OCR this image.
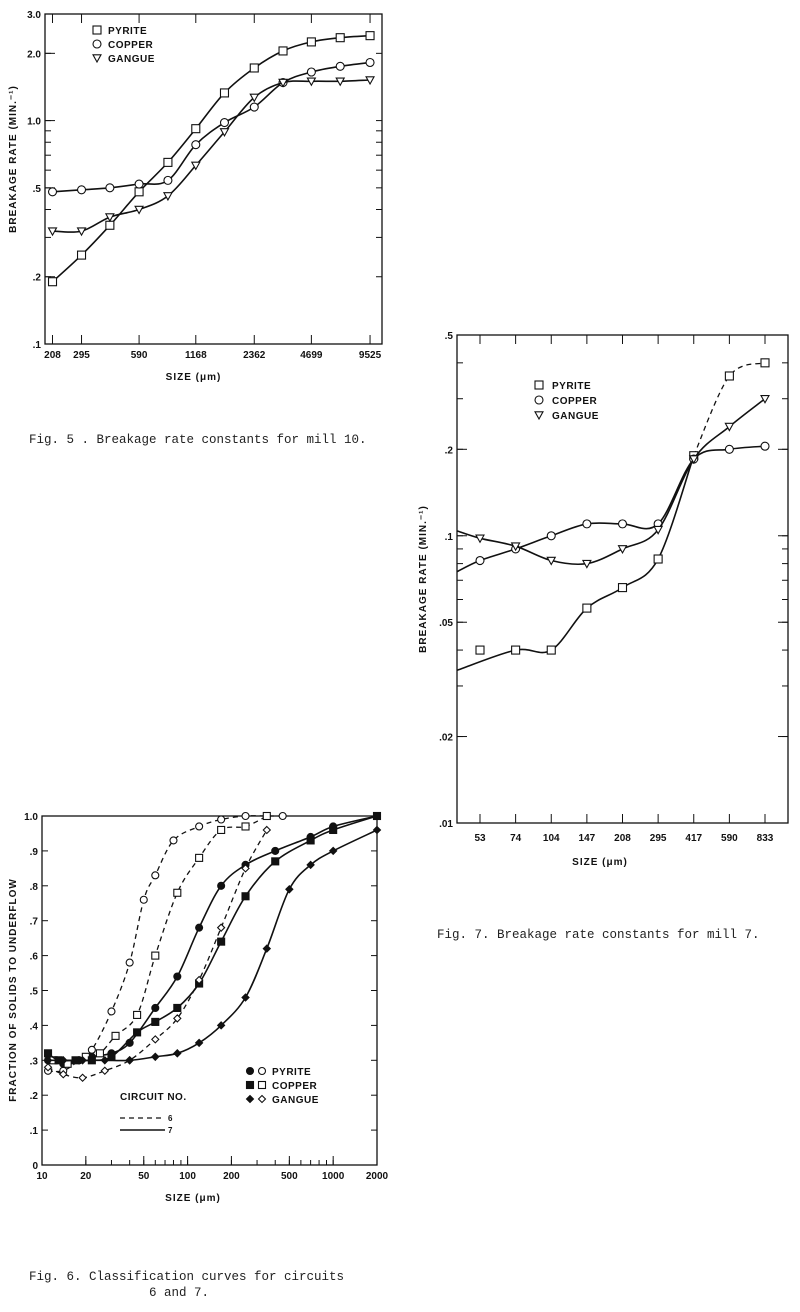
.1
.2
.5
1.0
2.0
3.0
208 295	590	1168	2362	4699	9525
SIZE (μm)
BREAKAGE RATE (MIN.⁻¹)
PYRITE
COPPER
GANGUE
Fig. 5 . Breakage rate constants for mill 10.
.01
.02
.05
.1
.2
.5
53 74 104 147 208 295 417 590 833
SIZE (μm)
BREAKAGE RATE (MIN.⁻¹)
PYRITE
COPPER
GANGUE
Fig. 7. Breakage rate constants for mill 7.
0
.1
.2
.3
.4
.5
.6
.7
.8
.9
1.0
10	20	50	100	200	500 1000 2000
SIZE (μm)
FRACTION OF SOLIDS TO UNDERFLOW	PYRITE
COPPER
GANGUE
CIRCUIT NO.
6
7
Fig. 6. Classification curves for circuits
6 and 7.
